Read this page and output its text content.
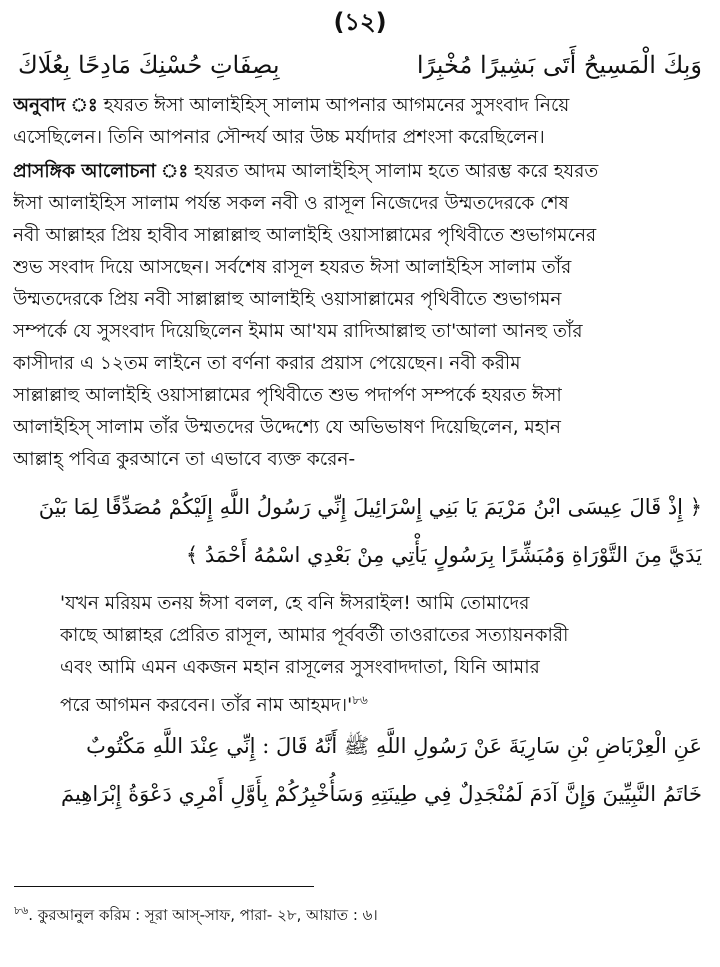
(১২)
وَبِكَ الْمَسِيحُ أَتَى بَشِيرًا مُخْبِرًا
بِصِفَاتِ حُسْنِكَ مَادِحًا بِعُلَاكَ
অনুবাদ ঃ হযরত ঈসা আলাইহিস্‌ সালাম আপনার আগমনের সুসংবাদ নিয়ে
এসেছিলেন। তিনি আপনার সৌন্দর্য আর উচ্চ মর্যাদার প্রশংসা করেছিলেন।
প্রাসঙ্গিক আলোচনা ঃ হযরত আদম আলাইহিস্‌ সালাম হতে আরম্ভ করে হযরত
ঈসা আলাইহিস সালাম পর্যন্ত সকল নবী ও রাসূল নিজেদের উম্মতদেরকে শেষ
নবী আল্লাহর প্রিয় হাবীব সাল্লাল্লাহু আলাইহি ওয়াসাল্লামের পৃথিবীতে শুভাগমনের
শুভ সংবাদ দিয়ে আসছেন। সর্বশেষ রাসূল হযরত ঈসা আলাইহিস সালাম তাঁর
উম্মতদেরকে প্রিয় নবী সাল্লাল্লাহু আলাইহি ওয়াসাল্লামের পৃথিবীতে শুভাগমন
সম্পর্কে যে সুসংবাদ দিয়েছিলেন ইমাম আ'যম রাদিআল্লাহু তা'আলা আনহু তাঁর
কাসীদার এ ১২তম লাইনে তা বর্ণনা করার প্রয়াস পেয়েছেন। নবী করীম
সাল্লাল্লাহু আলাইহি ওয়াসাল্লামের পৃথিবীতে শুভ পদার্পণ সম্পর্কে হযরত ঈসা
আলাইহিস্‌ সালাম তাঁর উম্মতদের উদ্দেশ্যে যে অভিভাষণ দিয়েছিলেন, মহান
আল্লাহ্‌ পবিত্র কুরআনে তা এভাবে ব্যক্ত করেন-
﴿ إِذْ قَالَ عِيسَى ابْنُ مَرْيَمَ يَا بَنِي إِسْرَائِيلَ إِنِّي رَسُولُ اللَّهِ إِلَيْكُمْ مُصَدِّقًا لِمَا بَيْنَ
يَدَيَّ مِنَ التَّوْرَاةِ وَمُبَشِّرًا بِرَسُولٍ يَأْتِي مِنْ بَعْدِي اسْمُهُ أَحْمَدُ ﴾
'যখন মরিয়ম তনয় ঈসা বলল, হে বনি ঈসরাইল! আমি তোমাদের
কাছে আল্লাহর প্রেরিত রাসূল, আমার পূর্ববর্তী তাওরাতের সত্যায়নকারী
এবং আমি এমন একজন মহান রাসূলের সুসংবাদদাতা, যিনি আমার
পরে আগমন করবেন। তাঁর নাম আহমদ।'$^{৮৬}$
عَنِ الْعِرْبَاضِ بْنِ سَارِيَةَ عَنْ رَسُولِ اللَّهِ ﷺ أَنَّهُ قَالَ : إِنِّي عِنْدَ اللَّهِ مَكْتُوبٌ
خَاتَمُ النَّبِيِّينَ وَإِنَّ آدَمَ لَمُنْجَدِلٌ فِي طِينَتِهِ وَسَأُخْبِرُكُمْ بِأَوَّلِ أَمْرِي دَعْوَةُ إِبْرَاهِيمَ
$^{৮৬}$. কুরআনুল করিম : সূরা আস্‌-সাফ, পারা- ২৮, আয়াত : ৬।
